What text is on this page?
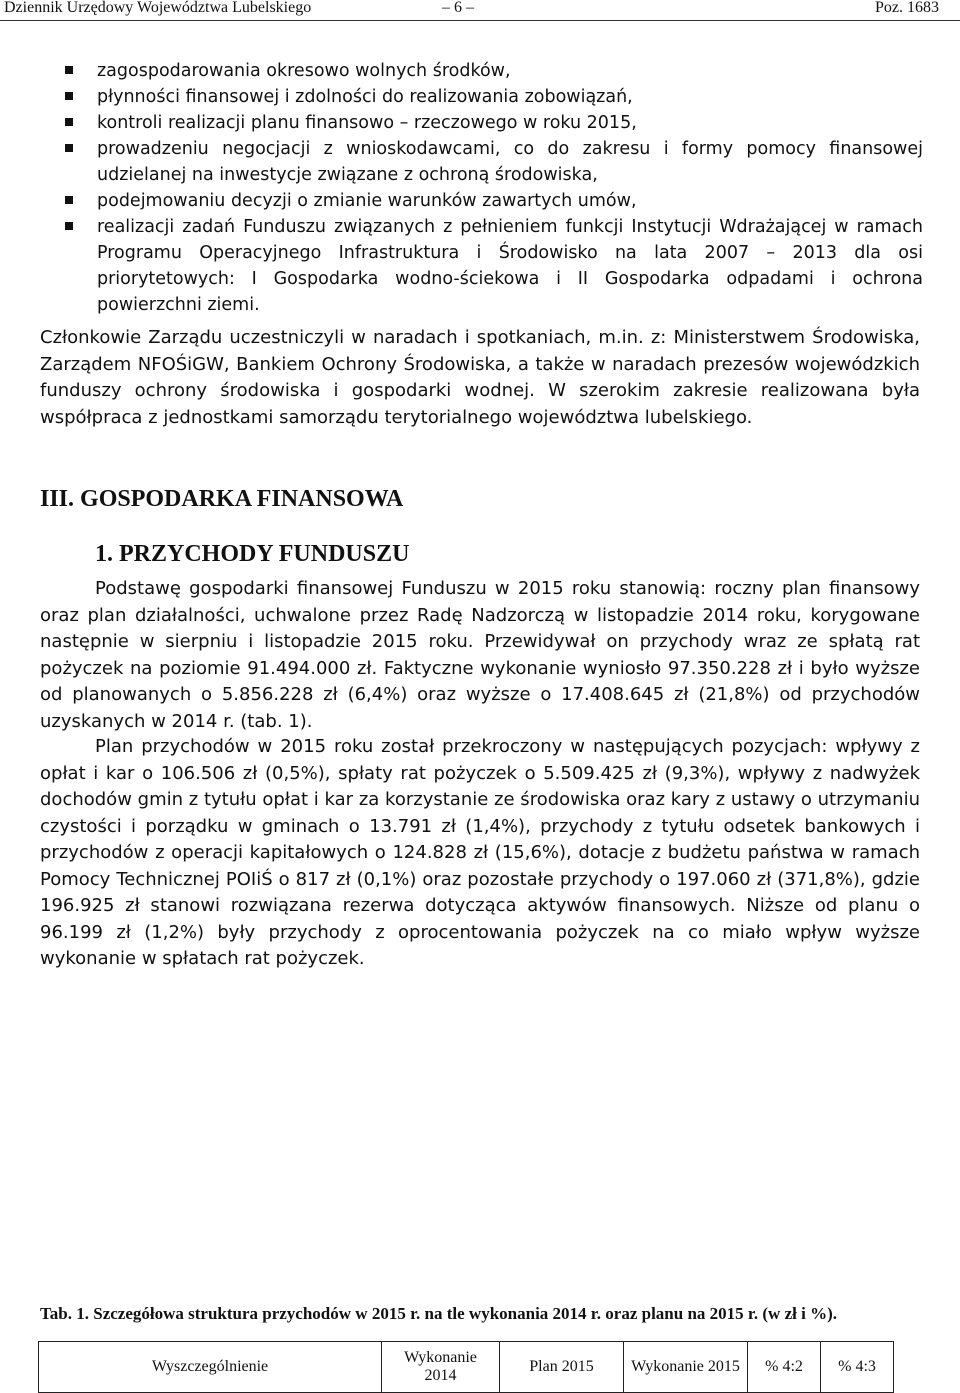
Dziennik Urzędowy Województwa Lubelskiego	– 6 –	Poz. 1683
zagospodarowania okresowo wolnych środków,
płynności finansowej i zdolności do realizowania zobowiązań,
kontroli realizacji planu finansowo – rzeczowego w roku 2015,
prowadzeniu negocjacji z wnioskodawcami, co do zakresu i formy pomocy finansowej udzielanej na inwestycje związane z ochroną środowiska,
podejmowaniu decyzji o zmianie warunków zawartych umów,
realizacji zadań Funduszu związanych z pełnieniem funkcji Instytucji Wdrażającej w ramach Programu Operacyjnego Infrastruktura i Środowisko na lata 2007 – 2013 dla osi priorytetowych: I Gospodarka wodno-ściekowa i II Gospodarka odpadami i ochrona powierzchni ziemi.
Członkowie Zarządu uczestniczyli w naradach i spotkaniach, m.in. z: Ministerstwem Środowiska, Zarządem NFOŚiGW, Bankiem Ochrony Środowiska, a także w naradach prezesów wojewódzkich funduszy ochrony środowiska i gospodarki wodnej. W szerokim zakresie realizowana była współpraca z jednostkami samorządu terytorialnego województwa lubelskiego.
III. GOSPODARKA FINANSOWA
1. PRZYCHODY FUNDUSZU
Podstawę gospodarki finansowej Funduszu w 2015 roku stanowią: roczny plan finansowy oraz plan działalności, uchwalone przez Radę Nadzorczą w listopadzie 2014 roku, korygowane następnie w sierpniu i listopadzie 2015 roku. Przewidywał on przychody wraz ze spłatą rat pożyczek na poziomie 91.494.000 zł. Faktyczne wykonanie wyniosło 97.350.228 zł i było wyższe od planowanych o 5.856.228 zł (6,4%) oraz wyższe o 17.408.645 zł (21,8%) od przychodów uzyskanych w 2014 r. (tab. 1).
Plan przychodów w 2015 roku został przekroczony w następujących pozycjach: wpływy z opłat i kar o 106.506 zł (0,5%), spłaty rat pożyczek o 5.509.425 zł (9,3%), wpływy z nadwyżek dochodów gmin z tytułu opłat i kar za korzystanie ze środowiska oraz kary z ustawy o utrzymaniu czystości i porządku w gminach o 13.791 zł (1,4%), przychody z tytułu odsetek bankowych i przychodów z operacji kapitałowych o 124.828 zł (15,6%), dotacje z budżetu państwa w ramach Pomocy Technicznej POIiŚ o 817 zł (0,1%) oraz pozostałe przychody o 197.060 zł (371,8%), gdzie 196.925 zł stanowi rozwiązana rezerwa dotycząca aktywów finansowych. Niższe od planu o 96.199 zł (1,2%) były przychody z oprocentowania pożyczek na co miało wpływ wyższe wykonanie w spłatach rat pożyczek.
Tab. 1. Szczegółowa struktura przychodów w 2015 r. na tle wykonania 2014 r. oraz planu na 2015 r. (w zł i %).
Wyszczególnienie	Wykonanie 2014	Plan 2015	Wykonanie 2015	% 4:2	% 4:3
